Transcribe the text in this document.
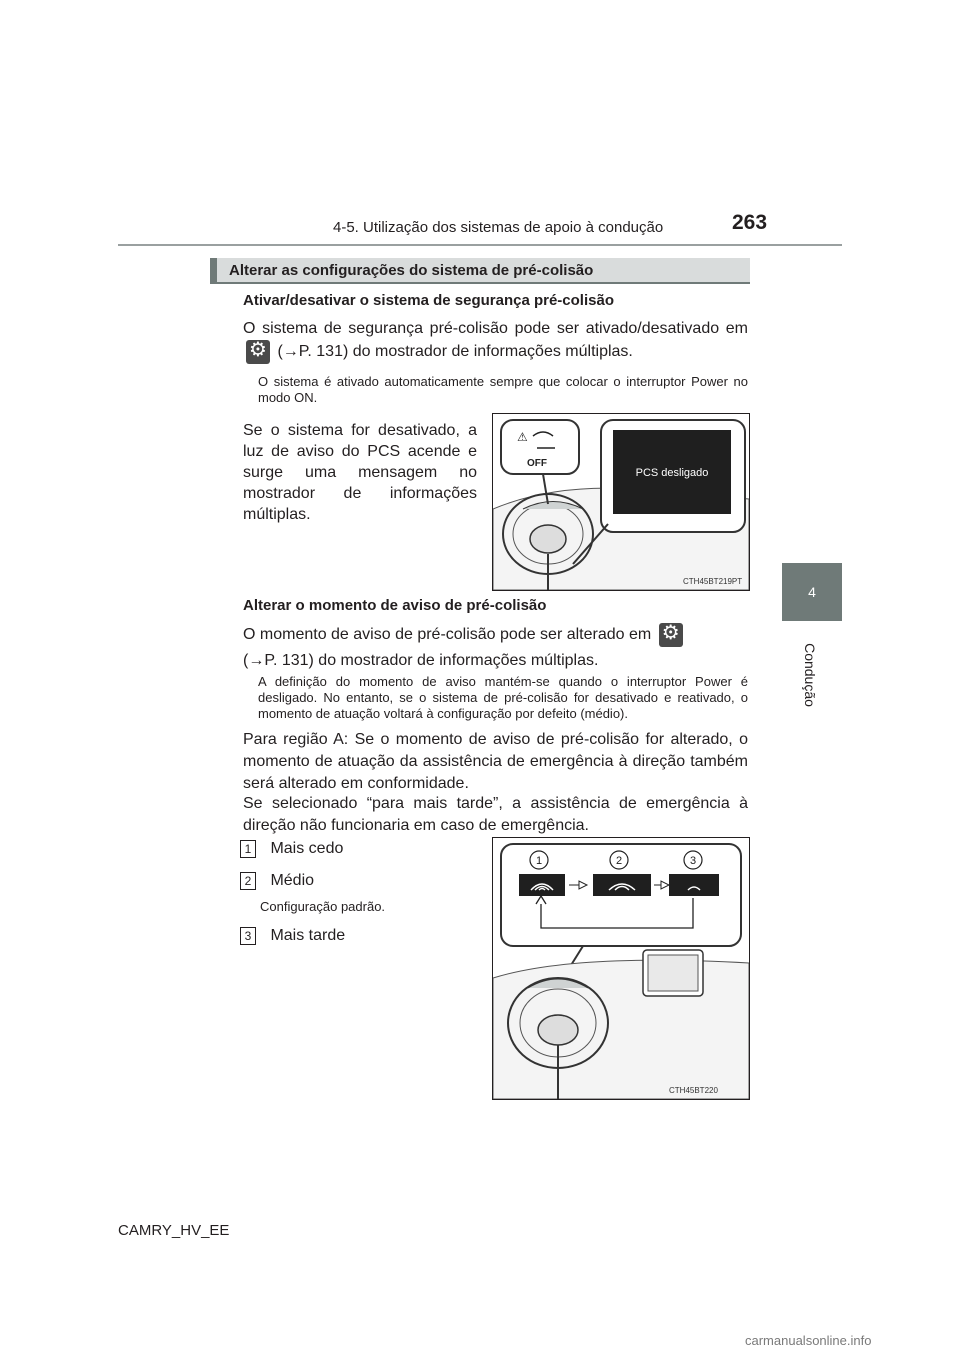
4-5. Utilização dos sistemas de apoio à condução	263
4
Condução
Alterar as configurações do sistema de pré-colisão
Ativar/desativar o sistema de segurança pré-colisão
O sistema de segurança pré-colisão pode ser ativado/desativado em ⚙ (→P. 131) do mostrador de informações múltiplas.
O sistema é ativado automaticamente sempre que colocar o interruptor Power no modo ON.
Se o sistema for desativado, a luz de aviso do PCS acende e surge uma mensagem no mostrador de informações múltiplas.
⚠
OFF
PCS desligado
CTH45BT219PT
Alterar o momento de aviso de pré-colisão
O momento de aviso de pré-colisão pode ser alterado em ⚙
(→P. 131) do mostrador de informações múltiplas.
A definição do momento de aviso mantém-se quando o interruptor Power é desligado. No entanto, se o sistema de pré-colisão for desativado e reativado, o momento de atuação voltará à configuração por defeito (médio).
Para região A: Se o momento de aviso de pré-colisão for alterado, o momento de atuação da assistência de emergência à direção também será alterado em conformidade.
Se selecionado “para mais tarde”, a assistência de emergência à direção não funcionaria em caso de emergência.
1 Mais cedo
2 Médio
Configuração padrão.
3 Mais tarde
1	2	3
CTH45BT220
CAMRY_HV_EE
carmanualsonline.info
